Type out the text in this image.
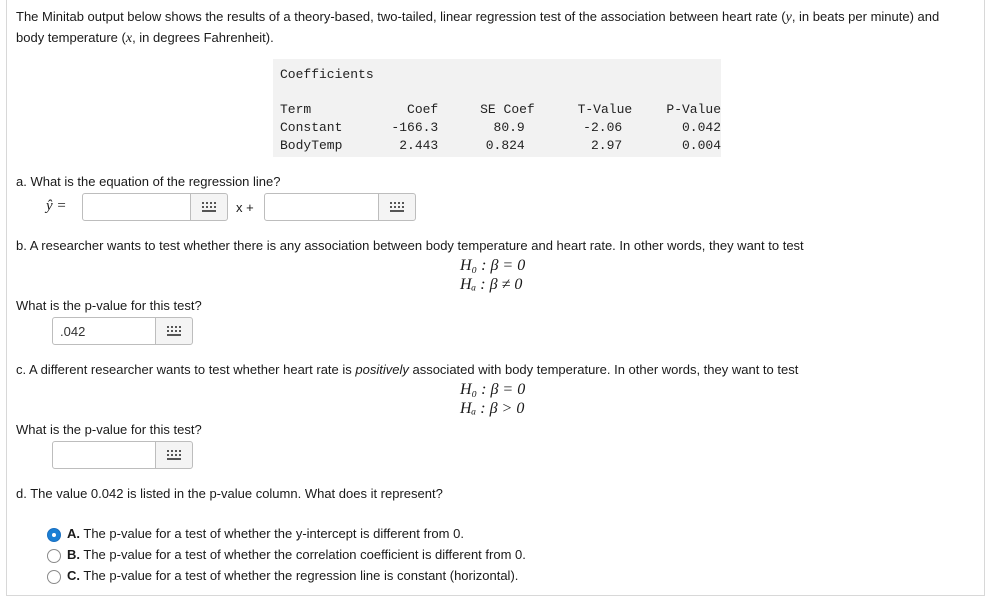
The Minitab output below shows the results of a theory-based, two-tailed, linear regression test of the association between heart rate (y, in beats per minute) and body temperature (x, in degrees Fahrenheit).
Coefficients
Term	Coef	SE Coef	T-Value	P-Value
Constant	-166.3	80.9	-2.06	0.042
BodyTemp	2.443	0.824	2.97	0.004
a. What is the equation of the regression line?
ŷ =	x +
b. A researcher wants to test whether there is any association between body temperature and heart rate. In other words, they want to test
H₀ : β = 0
Hₐ : β ≠ 0
What is the p-value for this test?
.042
c. A different researcher wants to test whether heart rate is positively associated with body temperature. In other words, they want to test
H₀ : β = 0
Hₐ : β > 0
What is the p-value for this test?
d. The value 0.042 is listed in the p-value column. What does it represent?
A. The p-value for a test of whether the y-intercept is different from 0.
B. The p-value for a test of whether the correlation coefficient is different from 0.
C. The p-value for a test of whether the regression line is constant (horizontal).
